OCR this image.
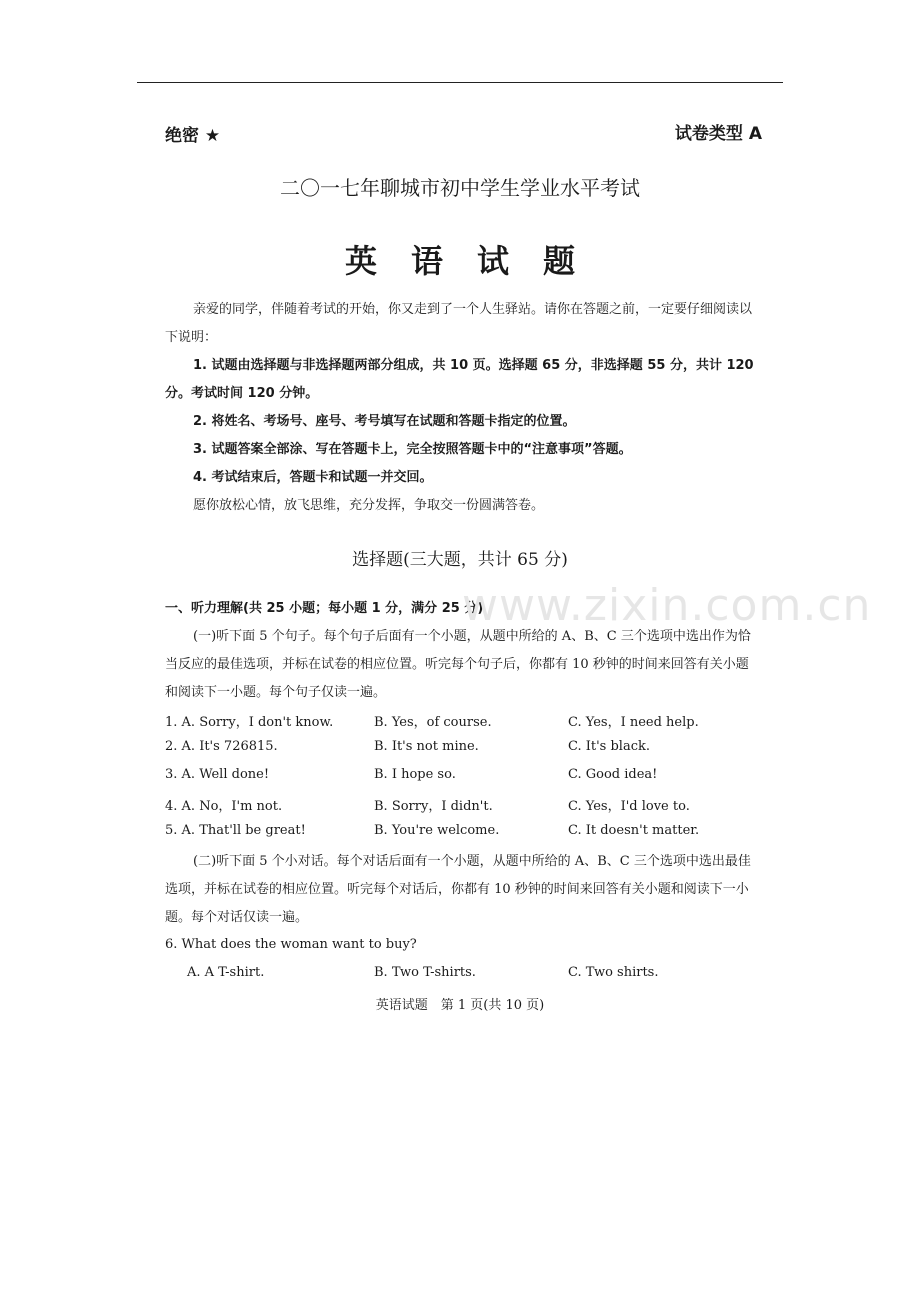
绝密 ★	试卷类型 A
二〇一七年聊城市初中学生学业水平考试
英语试题
亲爱的同学，伴随着考试的开始，你又走到了一个人生驿站。请你在答题之前，一定要仔细阅读以下说明：
1. 试题由选择题与非选择题两部分组成，共 10 页。选择题 65 分，非选择题 55 分，共计 120 分。考试时间 120 分钟。
2. 将姓名、考场号、座号、考号填写在试题和答题卡指定的位置。
3. 试题答案全部涂、写在答题卡上，完全按照答题卡中的“注意事项”答题。
4. 考试结束后，答题卡和试题一并交回。
愿你放松心情，放飞思维，充分发挥，争取交一份圆满答卷。
选择题(三大题，共计 65 分)
一、听力理解(共 25 小题；每小题 1 分，满分 25 分)
www.zixin.com.cn
(一)听下面 5 个句子。每个句子后面有一个小题，从题中所给的 A、B、C 三个选项中选出作为恰当反应的最佳选项，并标在试卷的相应位置。听完每个句子后，你都有 10 秒钟的时间来回答有关小题和阅读下一小题。每个句子仅读一遍。
1. A. Sorry，I don't know.	B. Yes，of course.	C. Yes，I need help.
2. A. It's 726815.	B. It's not mine.	C. It's black.
3. A. Well done!	B. I hope so.	C. Good idea!
4. A. No，I'm not.	B. Sorry，I didn't.	C. Yes，I'd love to.
5. A. That'll be great!	B. You're welcome.	C. It doesn't matter.
(二)听下面 5 个小对话。每个对话后面有一个小题，从题中所给的 A、B、C 三个选项中选出最佳选项，并标在试卷的相应位置。听完每个对话后，你都有 10 秒钟的时间来回答有关小题和阅读下一小题。每个对话仅读一遍。
6. What does the woman want to buy?
A. A T-shirt.	B. Two T-shirts.	C. Two shirts.
英语试题　第 1 页(共 10 页)
